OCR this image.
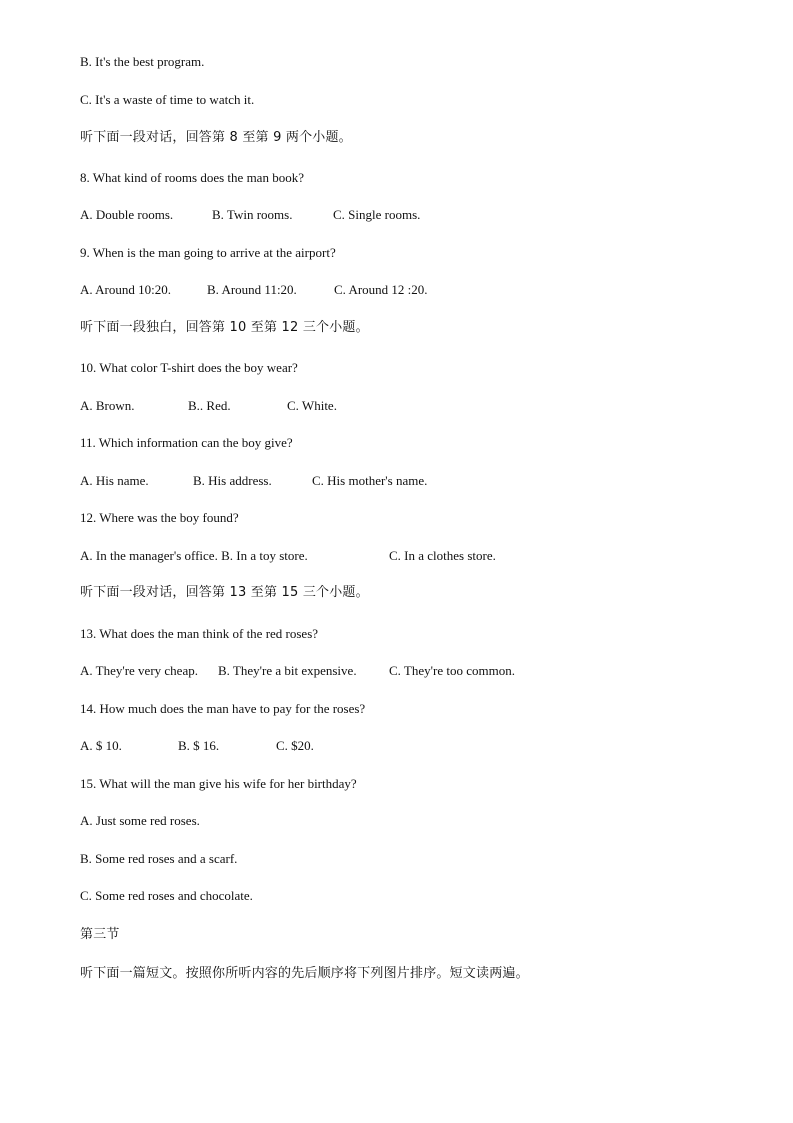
B. It's the best program.
C. It's a waste of time to watch it.
听下面一段对话，回答第 8 至第 9 两个小题。
8. What kind of rooms does the man book?
A. Double rooms.	B. Twin rooms.	C. Single rooms.
9. When is the man going to arrive at the airport?
A. Around 10:20.	B. Around 11:20.	C. Around 12 :20.
听下面一段独白，回答第 10 至第 12 三个小题。
10. What color T-shirt does the boy wear?
A. Brown.	B.. Red.	C. White.
11. Which information can the boy give?
A. His name.	B. His address.	C. His mother's name.
12. Where was the boy found?
A. In the manager's office. B. In a toy store.	C. In a clothes store.
听下面一段对话，回答第 13 至第 15 三个小题。
13. What does the man think of the red roses?
A. They're very cheap. B. They're a bit expensive. C. They're too common.
14. How much does the man have to pay for the roses?
A. $ 10.	B. $ 16.	C. $20.
15. What will the man give his wife for her birthday?
A. Just some red roses.
B. Some red roses and a scarf.
C. Some red roses and chocolate.
第三节
听下面一篇短文。按照你所听内容的先后顺序将下列图片排序。短文读两遍。
